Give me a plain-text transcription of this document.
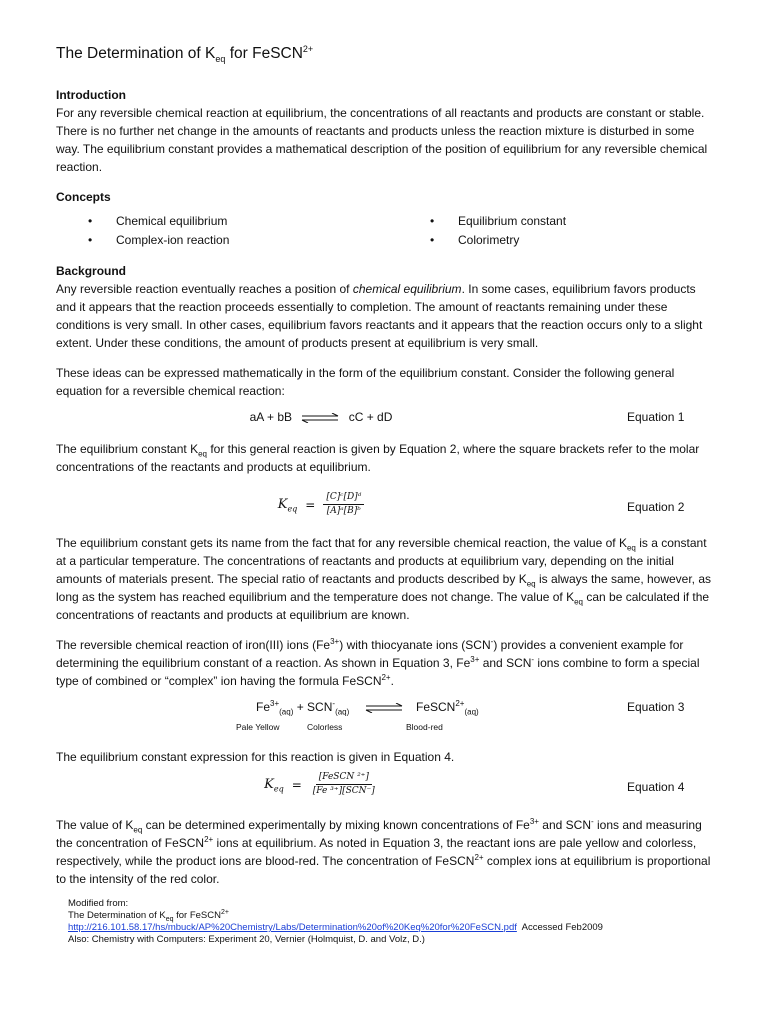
The Determination of $K_{eq}$ for FeSCN$^{2+}$

Introduction

For any reversible chemical reaction at equilibrium, the concentrations of all reactants and products are constant or stable. There is no further net change in the amounts of reactants and products unless the reaction mixture is disturbed in some way. The equilibrium constant provides a mathematical description of the position of equilibrium for any reversible chemical reaction.

Concepts

• Chemical equilibrium
• Complex-ion reaction
• Equilibrium constant
• Colorimetry

Background

Any reversible reaction eventually reaches a position of chemical equilibrium. In some cases, equilibrium favors products and it appears that the reaction proceeds essentially to completion. The amount of reactants remaining under these conditions is very small. In other cases, equilibrium favors reactants and it appears that the reaction occurs only to a slight extent. Under these conditions, the amount of products present at equilibrium is very small.

These ideas can be expressed mathematically in the form of the equilibrium constant. Consider the following general equation for a reversible chemical reaction:

aA + bB ⇌ cC + dD	Equation 1

The equilibrium constant $K_{eq}$ for this general reaction is given by Equation 2, where the square brackets refer to the molar concentrations of the reactants and products at equilibrium.

$K_{eq} = \frac{\text{[C]ᶜ[D]ᵈ}}{\text{[A]ᵃ[B]ᵇ}}$	Equation 2

The equilibrium constant gets its name from the fact that for any reversible chemical reaction, the value of $K_{eq}$ is a constant at a particular temperature. The concentrations of reactants and products at equilibrium vary, depending on the initial amounts of materials present. The special ratio of reactants and products described by $K_{eq}$ is always the same, however, as long as the system has reached equilibrium and the temperature does not change. The value of $K_{eq}$ can be calculated if the concentrations of reactants and products at equilibrium are known.

The reversible chemical reaction of iron(III) ions $(Fe^{3+})$ with thiocyanate ions (SCN-) provides a convenient example for determining the equilibrium constant of a reaction. As shown in Equation 3, $Fe^{3+}$ and SCN- ions combine to form a special type of combined or “complex” ion having the formula FeSCN$^{2+}$.

$Fe^{3+}_{(aq)} + SCN^-_{(aq)}$ ⇌ FeSCN$^{2+}_{(aq)}$
Pale Yellow	Colorless	Blood-red
Equation 3

The equilibrium constant expression for this reaction is given in Equation 4.

$K_{eq} = \frac{\text{[FeSCN ²⁺]}}{\text{[Fe ³⁺][SCN⁻]}}$	Equation 4

The value of $K_{eq}$ can be determined experimentally by mixing known concentrations of $Fe^{3+}$ and SCN- ions and measuring the concentration of FeSCN$^{2+}$ ions at equilibrium. As noted in Equation 3, the reactant ions are pale yellow and colorless, respectively, while the product ions are blood-red. The concentration of FeSCN$^{2+}$ complex ions at equilibrium is proportional to the intensity of the red color.

Modified from:
The Determination of $K_{eq}$ for FeSCN$^{2+}$
http://216.101.58.17/hs/mbuck/AP%20Chemistry/Labs/Determination%20of%20Keq%20for%20FeSCN.pdf  Accessed Feb2009
Also: Chemistry with Computers: Experiment 20, Vernier (Holmquist, D. and Volz, D.)
